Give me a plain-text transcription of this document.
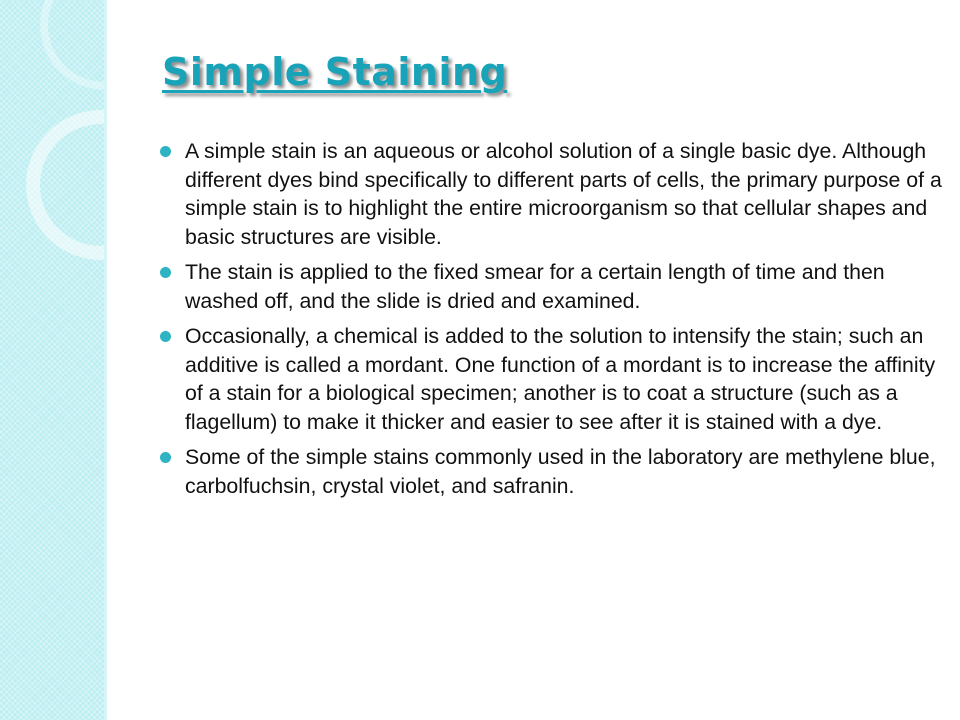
Simple Staining
A simple stain is an aqueous or alcohol solution of a single basic dye. Although different dyes bind specifically to different parts of cells, the primary purpose of a simple stain is to highlight the entire microorganism so that cellular shapes and basic structures are visible.
The stain is applied to the fixed smear for a certain length of time and then washed off, and the slide is dried and examined.
Occasionally, a chemical is added to the solution to intensify the stain; such an additive is called a mordant. One function of a mordant is to increase the affinity of a stain for a biological specimen; another is to coat a structure (such as a flagellum) to make it thicker and easier to see after it is stained with a dye.
Some of the simple stains commonly used in the laboratory are methylene blue, carbolfuchsin, crystal violet, and safranin.
